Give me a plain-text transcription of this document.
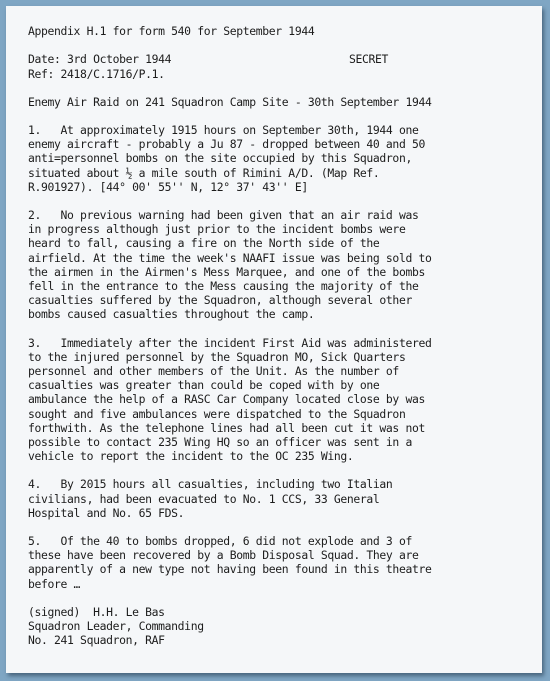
Appendix H.1 for form 540 for September 1944
Date: 3rd October 1944	SECRET
Ref: 2418/C.1716/P.1.
Enemy Air Raid on 241 Squadron Camp Site - 30th September 1944
1.   At approximately 1915 hours on September 30th, 1944 one
enemy aircraft - probably a Ju 87 - dropped between 40 and 50
anti=personnel bombs on the site occupied by this Squadron,
situated about ½ a mile south of Rimini A/D. (Map Ref.
R.901927). [44° 00' 55'' N, 12° 37' 43'' E]
2.   No previous warning had been given that an air raid was
in progress although just prior to the incident bombs were
heard to fall, causing a fire on the North side of the
airfield. At the time the week's NAAFI issue was being sold to
the airmen in the Airmen's Mess Marquee, and one of the bombs
fell in the entrance to the Mess causing the majority of the
casualties suffered by the Squadron, although several other
bombs caused casualties throughout the camp.
3.   Immediately after the incident First Aid was administered
to the injured personnel by the Squadron MO, Sick Quarters
personnel and other members of the Unit. As the number of
casualties was greater than could be coped with by one
ambulance the help of a RASC Car Company located close by was
sought and five ambulances were dispatched to the Squadron
forthwith. As the telephone lines had all been cut it was not
possible to contact 235 Wing HQ so an officer was sent in a
vehicle to report the incident to the OC 235 Wing.
4.   By 2015 hours all casualties, including two Italian
civilians, had been evacuated to No. 1 CCS, 33 General
Hospital and No. 65 FDS.
5.   Of the 40 to bombs dropped, 6 did not explode and 3 of
these have been recovered by a Bomb Disposal Squad. They are
apparently of a new type not having been found in this theatre
before …
(signed)  H.H. Le Bas
Squadron Leader, Commanding
No. 241 Squadron, RAF
